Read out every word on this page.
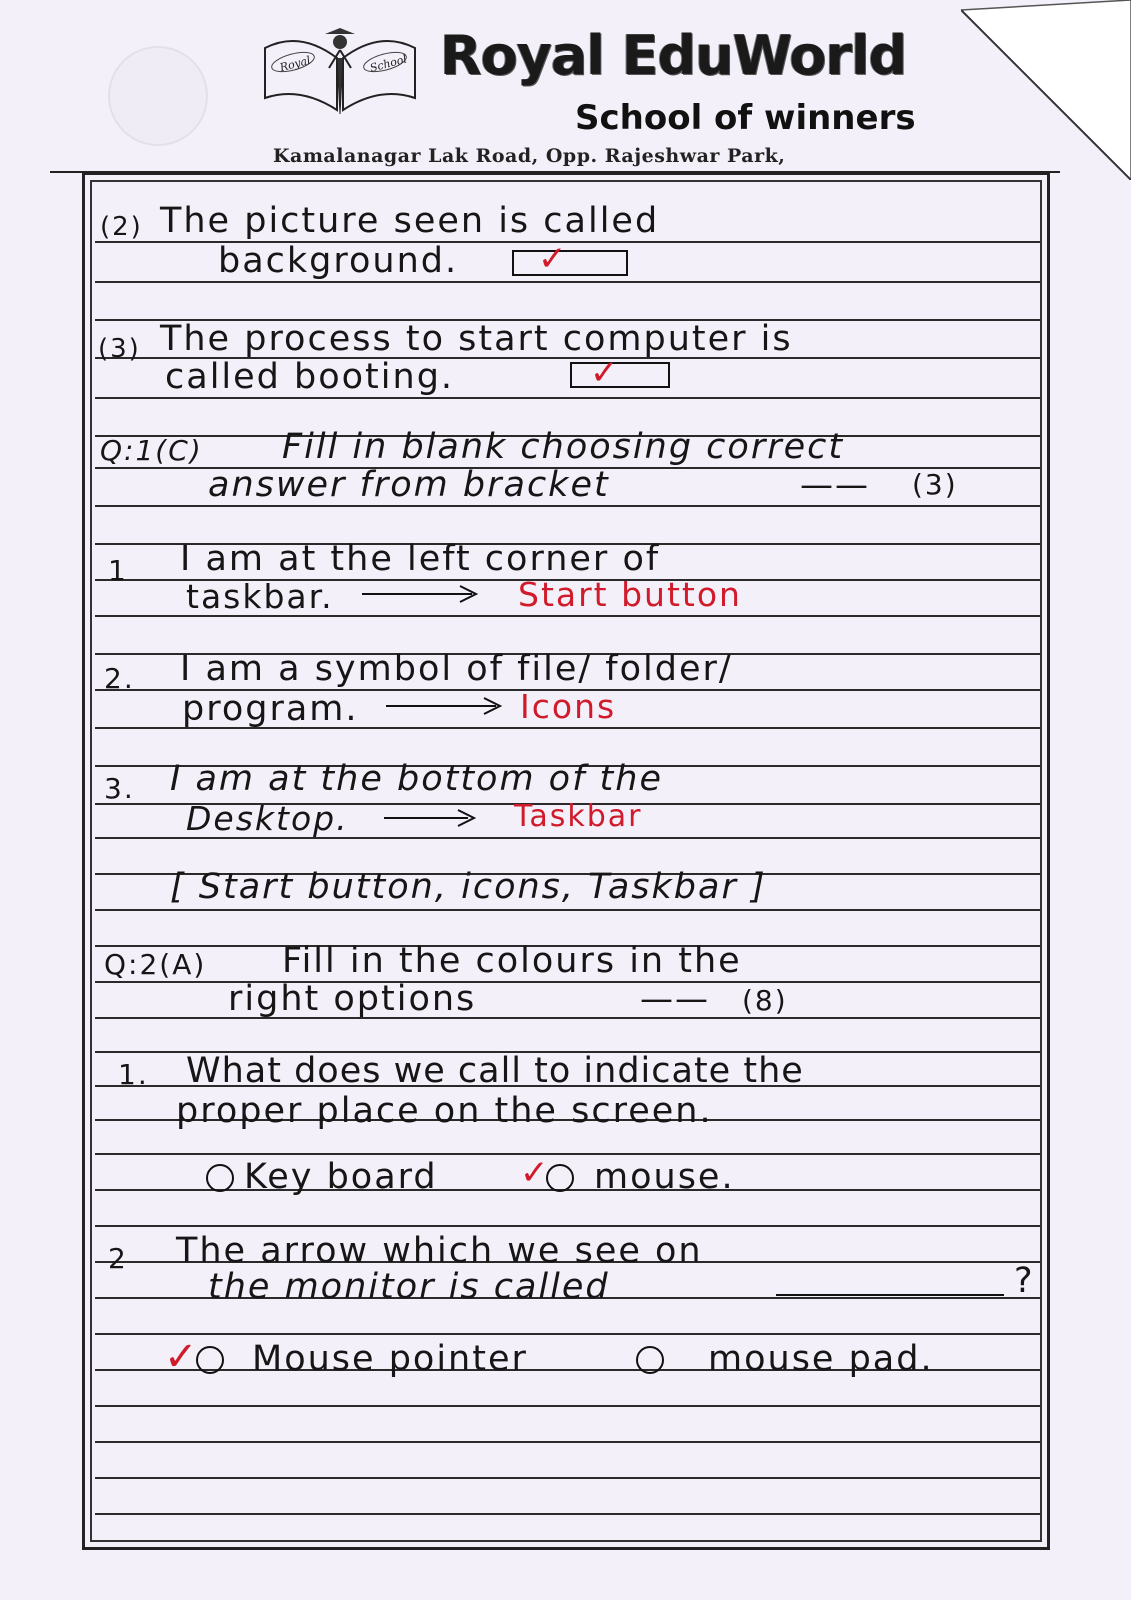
Royal	School Royal EduWorld
School of winners
Kamalanagar Lak Road, Opp. Rajeshwar Park,
(2) The picture seen is called
background. ✓
(3) The process to start computer is
called booting.	✓
Q:1(C) Fill in blank choosing correct
answer from bracket	—— (3)
1 I am at the left corner of
taskbar.	Start button
2. I am a symbol of file/ folder/
program.	Icons
3. I am at the bottom of the
Desktop.	Taskbar
[ Start button, icons, Taskbar ]
Q:2(A) Fill in the colours in the
right options	—— (8)
1. What does we call to indicate the
proper place on the screen.
Key board ✓ mouse.
2 The arrow which we see on
the monitor is called	?
✓ Mouse pointer	mouse pad.
